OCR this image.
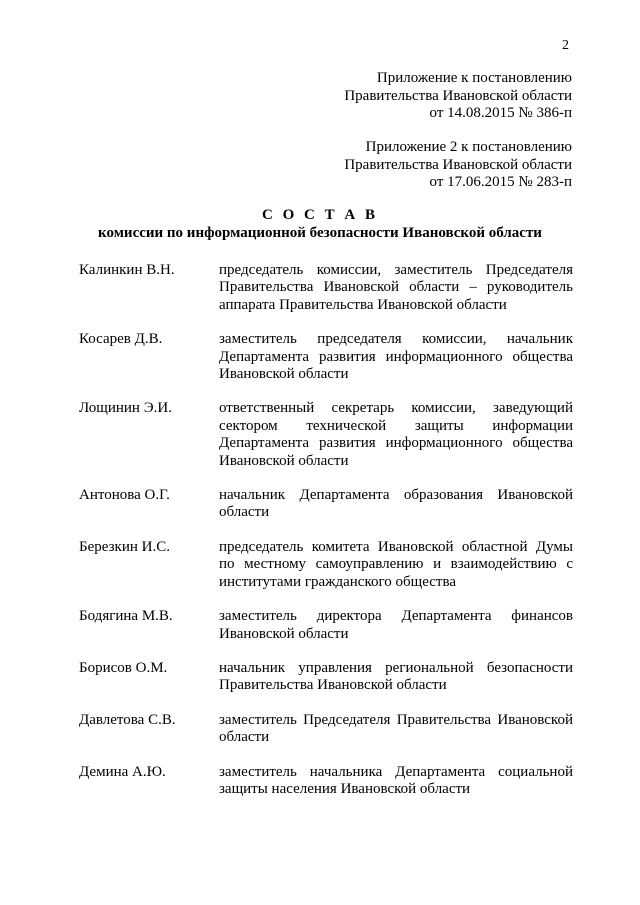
2
Приложение к постановлению
Правительства Ивановской области
от 14.08.2015 № 386-п
Приложение 2 к постановлению
Правительства Ивановской области
от 17.06.2015 № 283-п
С О С Т А В
комиссии по информационной безопасности Ивановской области
Калинкин В.Н.	председатель комиссии, заместитель Председателя
Правительства Ивановской области – руководитель
аппарата Правительства Ивановской области
Косарев Д.В.	заместитель председателя комиссии, начальник
Департамента развития информационного общества
Ивановской области
Лощинин Э.И.	ответственный секретарь комиссии, заведующий
сектором технической защиты информации
Департамента развития информационного общества
Ивановской области
Антонова О.Г.	начальник Департамента образования Ивановской
области
Березкин И.С.	председатель комитета Ивановской областной Думы
по местному самоуправлению и взаимодействию с
институтами гражданского общества
Бодягина М.В.	заместитель директора Департамента финансов
Ивановской области
Борисов О.М.	начальник управления региональной безопасности
Правительства Ивановской области
Давлетова С.В.	заместитель Председателя Правительства Ивановской
области
Демина А.Ю.	заместитель начальника Департамента социальной
защиты населения Ивановской области
